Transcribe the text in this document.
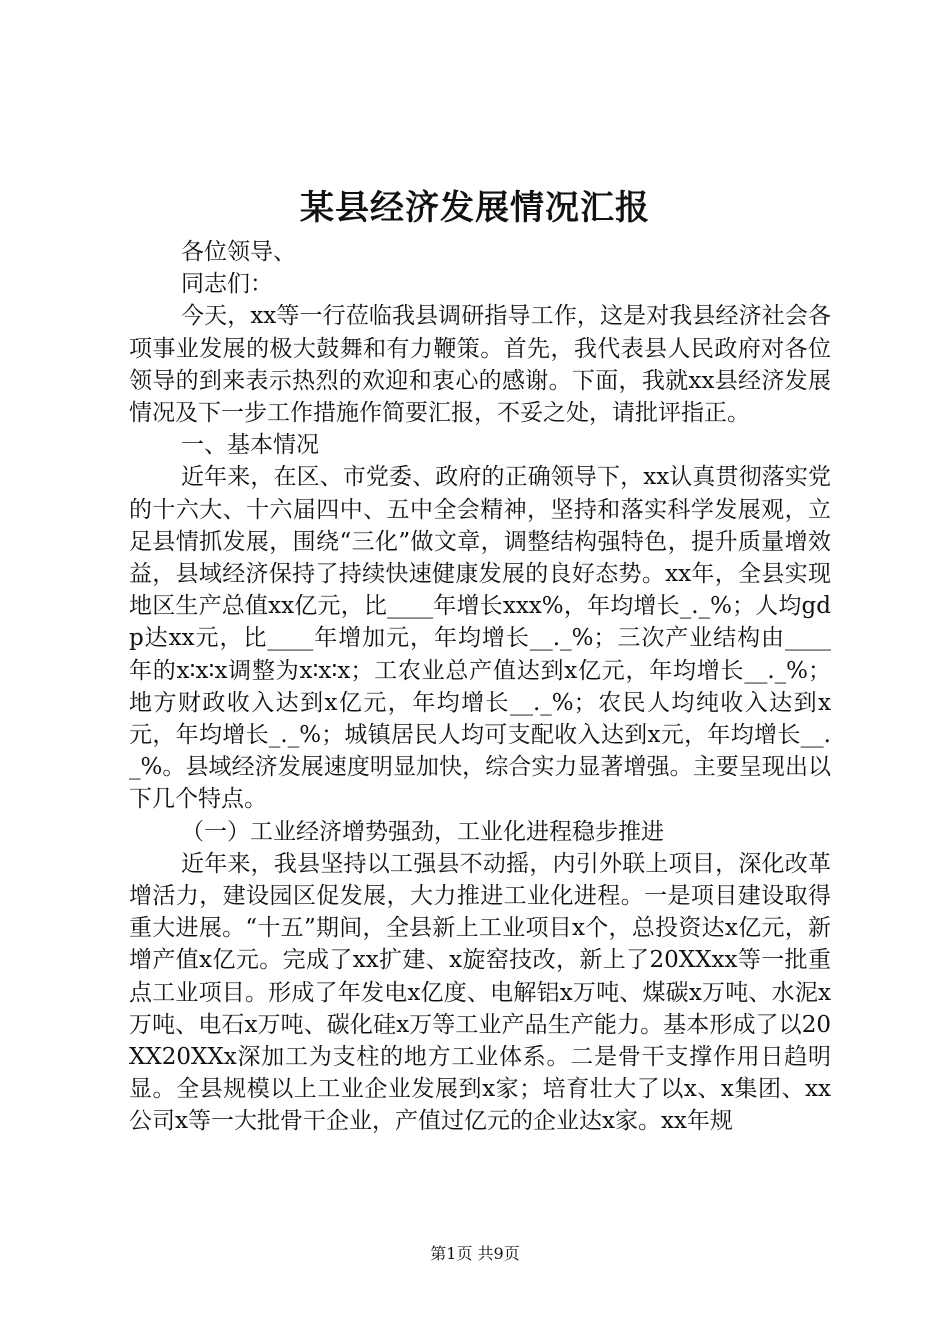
某县经济发展情况汇报

各位领导、

同志们：

今天，xx等一行莅临我县调研指导工作，这是对我县经济社会各项事业发展的极大鼓舞和有力鞭策。首先，我代表县人民政府对各位领导的到来表示热烈的欢迎和衷心的感谢。下面，我就xx县经济发展情况及下一步工作措施作简要汇报，不妥之处，请批评指正。

一、基本情况

近年来，在区、市党委、政府的正确领导下，xx认真贯彻落实党的十六大、十六届四中、五中全会精神，坚持和落实科学发展观，立足县情抓发展，围绕“三化”做文章，调整结构强特色，提升质量增效益，县域经济保持了持续快速健康发展的良好态势。xx年，全县实现地区生产总值xx亿元，比____年增长xxx%，年均增长_._%；人均gdp达xx元，比____年增加元，年均增长__._%；三次产业结构由____年的x∶x∶x调整为x∶x∶x；工农业总产值达到x亿元，年均增长__._%；地方财政收入达到x亿元，年均增长__._%；农民人均纯收入达到x元，年均增长_._%；城镇居民人均可支配收入达到x元，年均增长__._%。县域经济发展速度明显加快，综合实力显著增强。主要呈现出以下几个特点。

（一）工业经济增势强劲，工业化进程稳步推进

近年来，我县坚持以工强县不动摇，内引外联上项目，深化改革增活力，建设园区促发展，大力推进工业化进程。一是项目建设取得重大进展。“十五”期间，全县新上工业项目x个，总投资达x亿元，新增产值x亿元。完成了xx扩建、x旋窑技改，新上了20XXxx等一批重点工业项目。形成了年发电x亿度、电解铝x万吨、煤碳x万吨、水泥x万吨、电石x万吨、碳化硅x万等工业产品生产能力。基本形成了以20XX20XXx深加工为支柱的地方工业体系。二是骨干支撑作用日趋明显。全县规模以上工业企业发展到x家；培育壮大了以x、x集团、xx公司x等一大批骨干企业，产值过亿元的企业达x家。xx年规

第1页 共9页
